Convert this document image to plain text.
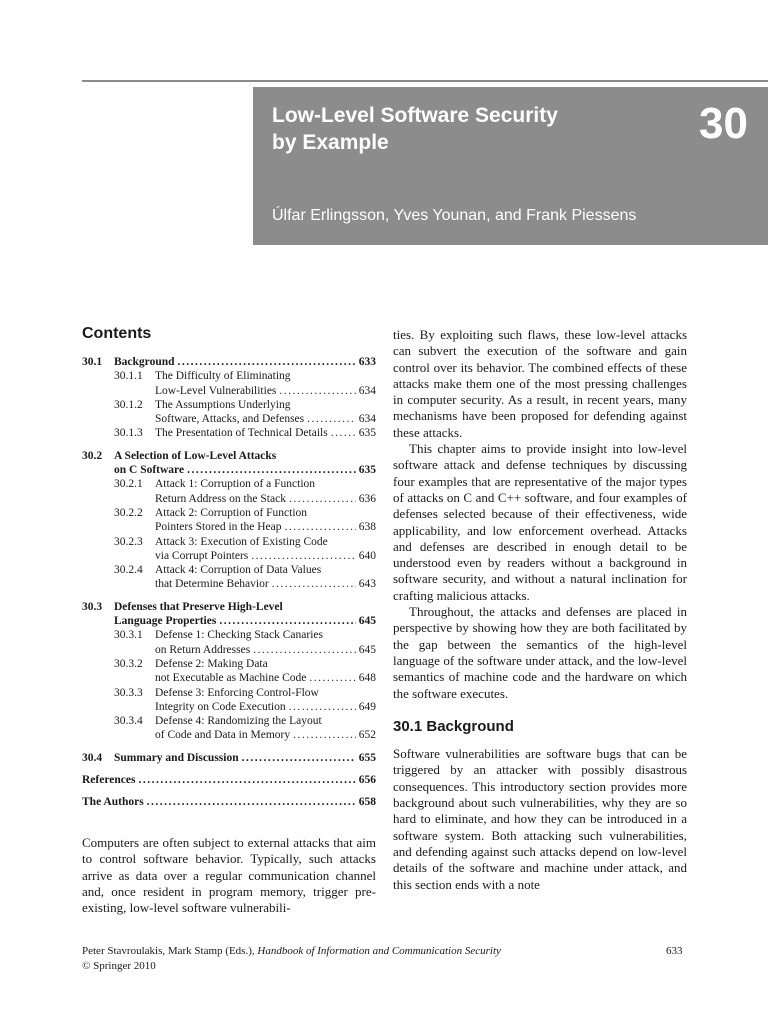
Low-Level Software Security
by Example	30
Úlfar Erlingsson, Yves Younan, and Frank Piessens
Contents
30.1 Background .....	633
30.1.1 The Difficulty of Eliminating
Low-Level Vulnerabilities .....	634
30.1.2 The Assumptions Underlying
Software, Attacks, and Defenses .....	634
30.1.3 The Presentation of Technical Details .....	635
30.2 A Selection of Low-Level Attacks
on C Software .....	635
30.2.1 Attack 1: Corruption of a Function
Return Address on the Stack .....	636
30.2.2 Attack 2: Corruption of Function
Pointers Stored in the Heap .....	638
30.2.3 Attack 3: Execution of Existing Code
via Corrupt Pointers .....	640
30.2.4 Attack 4: Corruption of Data Values
that Determine Behavior .....	643
30.3 Defenses that Preserve High-Level
Language Properties .....	645
30.3.1 Defense 1: Checking Stack Canaries
on Return Addresses .....	645
30.3.2 Defense 2: Making Data
not Executable as Machine Code .....	648
30.3.3 Defense 3: Enforcing Control-Flow
Integrity on Code Execution .....	649
30.3.4 Defense 4: Randomizing the Layout
of Code and Data in Memory .....	652
30.4 Summary and Discussion .....	655
References .....	656
The Authors .....	658
Computers are often subject to external attacks that aim to control software behavior. Typically, such attacks arrive as data over a regular communication channel and, once resident in program memory, trigger pre-existing, low-level software vulnerabili-

ties. By exploiting such flaws, these low-level attacks can subvert the execution of the software and gain control over its behavior. The combined effects of these attacks make them one of the most pressing challenges in computer security. As a result, in recent years, many mechanisms have been proposed for defending against these attacks.

This chapter aims to provide insight into low-level software attack and defense techniques by discussing four examples that are representative of the major types of attacks on C and C++ software, and four examples of defenses selected because of their effectiveness, wide applicability, and low enforcement overhead. Attacks and defenses are described in enough detail to be understood even by readers without a background in software security, and without a natural inclination for crafting malicious attacks.

Throughout, the attacks and defenses are placed in perspective by showing how they are both facilitated by the gap between the semantics of the high-level language of the software under attack, and the low-level semantics of machine code and the hardware on which the software executes.

30.1 Background

Software vulnerabilities are software bugs that can be triggered by an attacker with possibly disastrous consequences. This introductory section provides more background about such vulnerabilities, why they are so hard to eliminate, and how they can be introduced in a software system. Both attacking such vulnerabilities, and defending against such attacks depend on low-level details of the software and machine under attack, and this section ends with a note

Peter Stavroulakis, Mark Stamp (Eds.), Handbook of Information and Communication Security
© Springer 2010
633
